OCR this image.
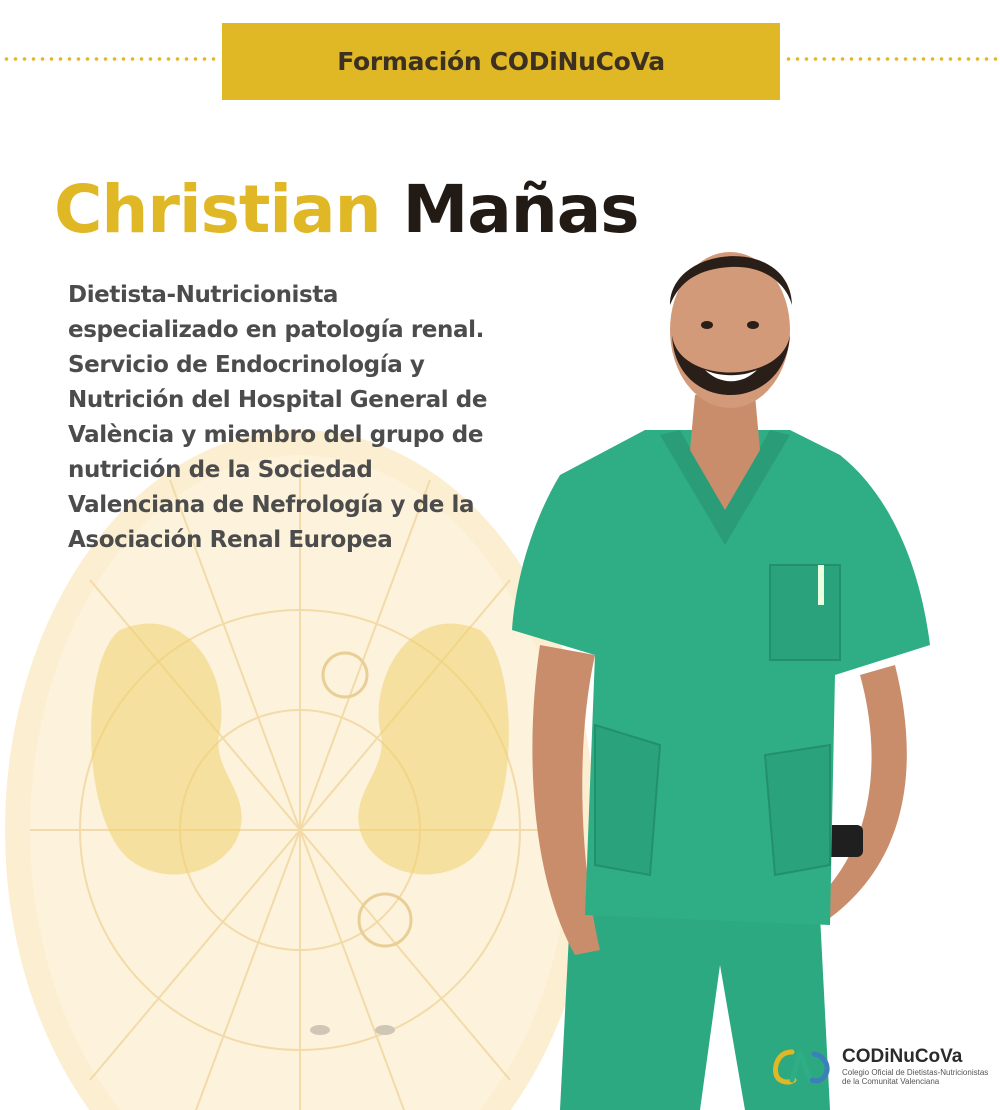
Formación CODiNuCoVa
Christian Mañas
Dietista-Nutricionista
especializado en patología renal.
Servicio de Endocrinología y
Nutrición del Hospital General de
València y miembro del grupo de
nutrición de la Sociedad
Valenciana de Nefrología y de la
Asociación Renal Europea
CODiNuCoVa
Colegio Oficial de Dietistas-Nutricionistas
de la Comunitat Valenciana
